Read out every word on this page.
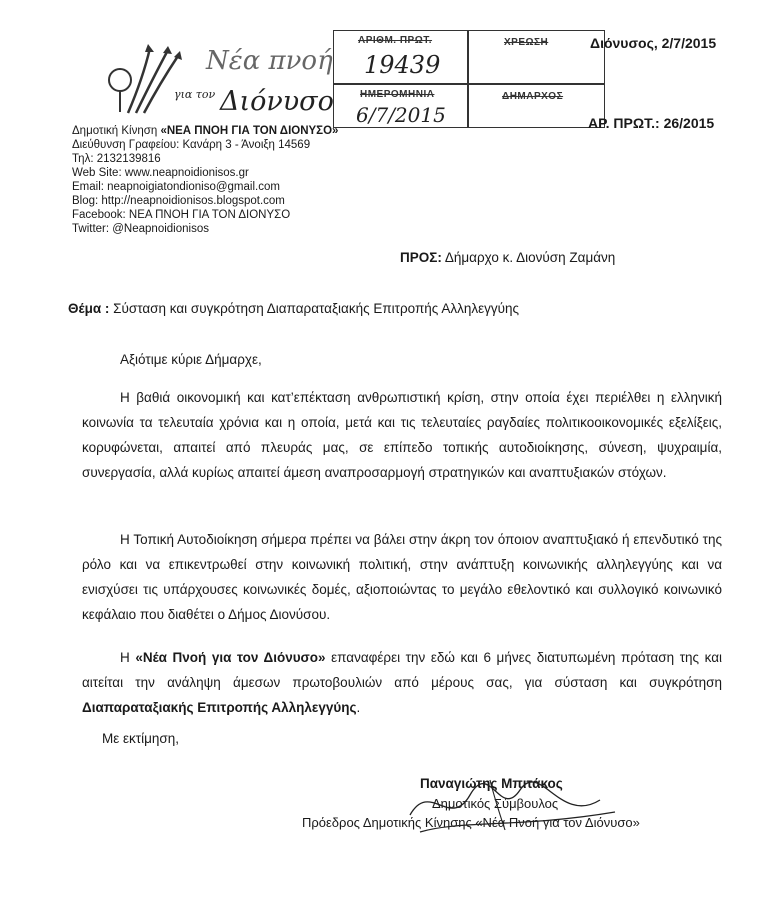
Νέα πνοή
για τον Διόνυσο
ΑΡΙΘΜ. ΠΡΩΤ.	ΧΡΕΩΣΗ
ΗΜΕΡΟΜΗΝΙΑ	ΔΗΜΑΡΧΟΣ
19439
6/7/2015
Διόνυσος, 2/7/2015
ΑΡ. ΠΡΩΤ.: 26/2015
Δημοτική Κίνηση «ΝΕΑ ΠΝΟΗ ΓΙΑ ΤΟΝ ΔΙΟΝΥΣΟ»
Διεύθυνση Γραφείου: Κανάρη 3 - Άνοιξη 14569
Τηλ: 2132139816
Web Site: www.neapnoidionisos.gr
Email: neapnoigiatondioniso@gmail.com
Blog: http://neapnoidionisos.blogspot.com
Facebook: ΝΕΑ ΠΝΟΗ ΓΙΑ ΤΟΝ ΔΙΟΝΥΣΟ
Twitter: @Neapnoidionisos
ΠΡΟΣ: Δήμαρχο κ. Διονύση Ζαμάνη
Θέμα : Σύσταση και συγκρότηση Διαπαραταξιακής Επιτροπής Αλληλεγγύης
Αξιότιμε κύριε Δήμαρχε,
Η βαθιά οικονομική και κατ’επέκταση ανθρωπιστική κρίση, στην οποία έχει περιέλθει η ελληνική κοινωνία τα τελευταία χρόνια και η οποία, μετά και τις τελευταίες ραγδαίες πολιτικοοικονομικές εξελίξεις, κορυφώνεται, απαιτεί από πλευράς μας, σε επίπεδο τοπικής αυτοδιοίκησης, σύνεση, ψυχραιμία, συνεργασία, αλλά κυρίως απαιτεί άμεση αναπροσαρμογή στρατηγικών και αναπτυξιακών στόχων.
Η Τοπική Αυτοδιοίκηση σήμερα πρέπει να βάλει στην άκρη τον όποιον αναπτυξιακό ή επενδυτικό της ρόλο και να επικεντρωθεί στην κοινωνική πολιτική, στην ανάπτυξη κοινωνικής αλληλεγγύης και να ενισχύσει τις υπάρχουσες κοινωνικές δομές, αξιοποιώντας το μεγάλο εθελοντικό και συλλογικό κοινωνικό κεφάλαιο που διαθέτει ο Δήμος Διονύσου.
Η «Νέα Πνοή για τον Διόνυσο» επαναφέρει την εδώ και 6 μήνες διατυπωμένη πρόταση της και αιτείται την ανάληψη άμεσων πρωτοβουλιών από μέρους σας, για σύσταση και συγκρότηση Διαπαραταξιακής Επιτροπής Αλληλεγγύης.
Με εκτίμηση,
Παναγιώτης Μπιτάκος
Δημοτικός Σύμβουλος
Πρόεδρος Δημοτικής Κίνησης «Νέα Πνοή για τον Διόνυσο»
